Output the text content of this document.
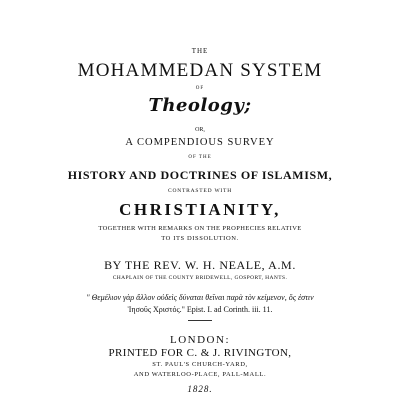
THE
MOHAMMEDAN SYSTEM
OF
Theology;
OR,
A COMPENDIOUS SURVEY
OF THE
HISTORY AND DOCTRINES OF ISLAMISM,
CONTRASTED WITH
CHRISTIANITY,
TOGETHER WITH REMARKS ON THE PROPHECIES RELATIVE
TO ITS DISSOLUTION.
BY THE REV. W. H. NEALE, A.M.
CHAPLAIN OF THE COUNTY BRIDEWELL, GOSPORT, HANTS.
" Θεμέλιον γὰρ ἄλλον οὐδεὶς δύναται θεῖναι παρὰ τὸν κείμενον, ὅς ἐστιν
Ἰησοῦς Χριστός." Epist. I. ad Corinth. iii. 11.
LONDON:
PRINTED FOR C. & J. RIVINGTON,
ST. PAUL'S CHURCH-YARD,
AND WATERLOO-PLACE, PALL-MALL.
1828.
